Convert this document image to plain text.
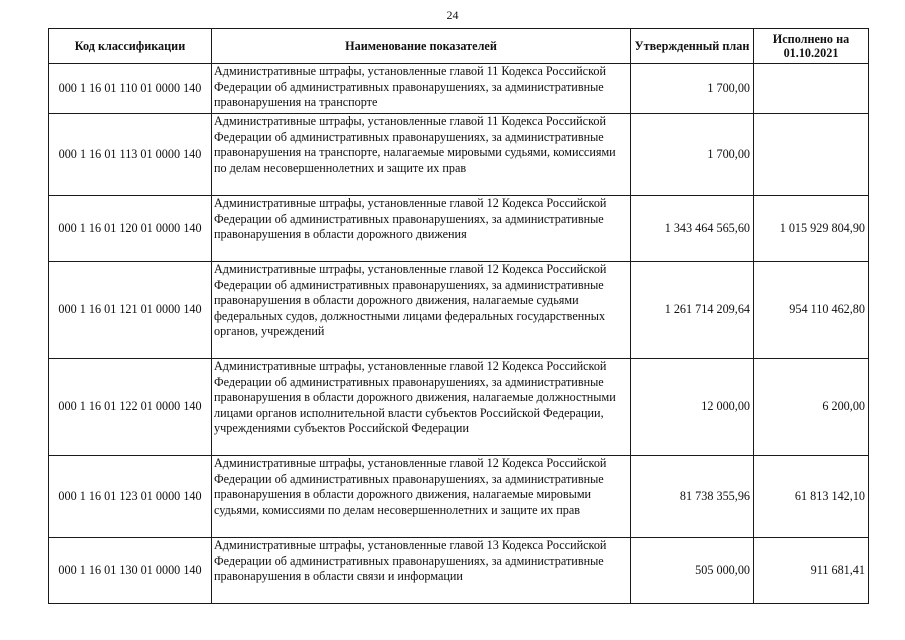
24
Код классификации	Наименование показателей	Утвержденный план	Исполнено на 01.10.2021
000 1 16 01 110 01 0000 140	Административные штрафы, установленные главой 11 Кодекса Российской Федерации об административных правонарушениях, за административные правонарушения на транспорте	1 700,00	
000 1 16 01 113 01 0000 140	Административные штрафы, установленные главой 11 Кодекса Российской Федерации об административных правонарушениях, за административные правонарушения на транспорте, налагаемые мировыми судьями, комиссиями по делам несовершеннолетних и защите их прав	1 700,00	
000 1 16 01 120 01 0000 140	Административные штрафы, установленные главой 12 Кодекса Российской Федерации об административных правонарушениях, за административные правонарушения в области дорожного движения	1 343 464 565,60	1 015 929 804,90
000 1 16 01 121 01 0000 140	Административные штрафы, установленные главой 12 Кодекса Российской Федерации об административных правонарушениях, за административные правонарушения в области дорожного движения, налагаемые судьями федеральных судов, должностными лицами федеральных государственных органов, учреждений	1 261 714 209,64	954 110 462,80
000 1 16 01 122 01 0000 140	Административные штрафы, установленные главой 12 Кодекса Российской Федерации об административных правонарушениях, за административные правонарушения в области дорожного движения, налагаемые должностными лицами органов исполнительной власти субъектов Российской Федерации, учреждениями субъектов Российской Федерации	12 000,00	6 200,00
000 1 16 01 123 01 0000 140	Административные штрафы, установленные главой 12 Кодекса Российской Федерации об административных правонарушениях, за административные правонарушения в области дорожного движения, налагаемые мировыми судьями, комиссиями по делам несовершеннолетних и защите их прав	81 738 355,96	61 813 142,10
000 1 16 01 130 01 0000 140	Административные штрафы, установленные главой 13 Кодекса Российской Федерации об административных правонарушениях, за административные правонарушения в области связи и информации	505 000,00	911 681,41
